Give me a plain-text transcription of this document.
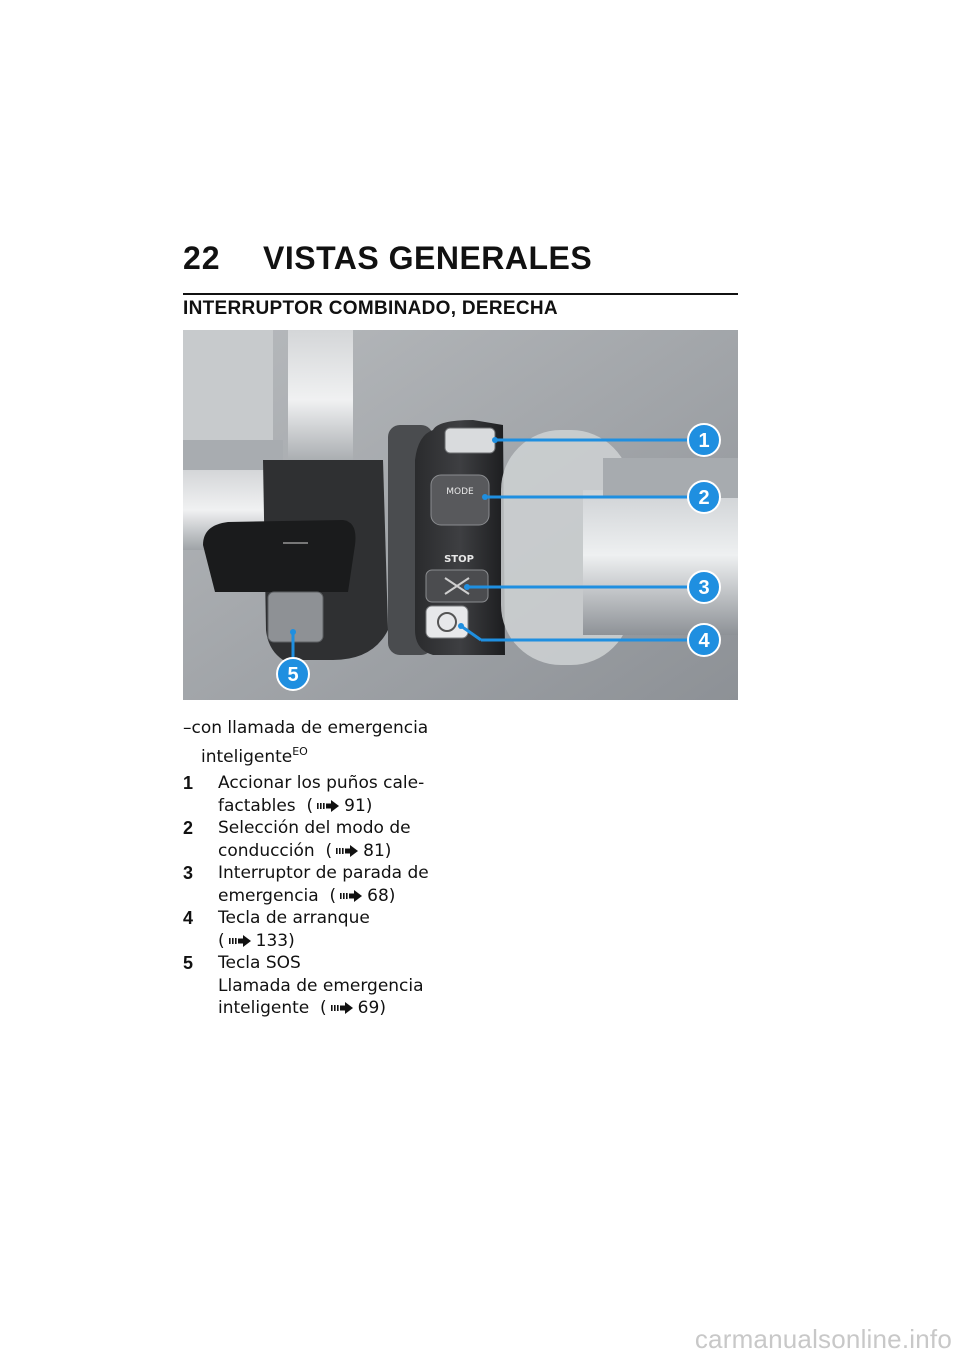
22	VISTAS GENERALES
INTERRUPTOR COMBINADO, DERECHA
MODE
STOP
1
2
3
4
5
–con llamada de emergencia
inteligente$^{EO}$
1	Accionar los puños cale-
factables  ( 91)
2	Selección del modo de
conducción  ( 81)
3	Interruptor de parada de
emergencia  ( 68)
4	Tecla de arranque
( 133)
5	Tecla SOS
Llamada de emergencia
inteligente  ( 69)
carmanualsonline.info
